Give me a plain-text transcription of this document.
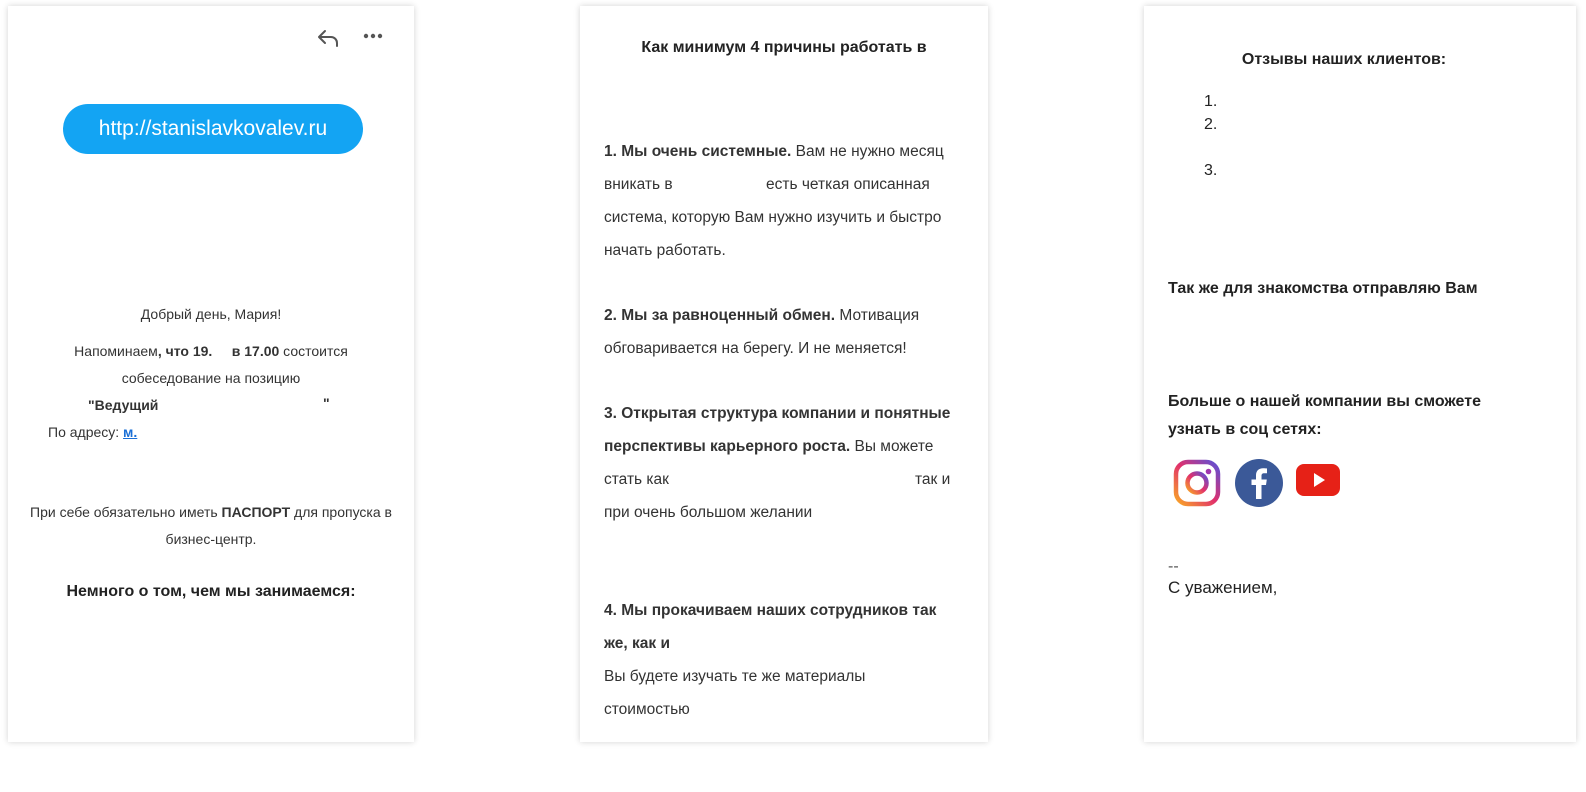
http://stanislavkovalev.ru
Добрый день, Мария!
Напоминаем, что 19. в 17.00 состоится
собеседование на позицию
"Ведущий	"
По адресу: м.
При себе обязательно иметь ПАСПОРТ для пропуска в
бизнес-центр.
Немного о том, чем мы занимаемся:
Как минимум 4 причины работать в
1. Мы очень системные. Вам не нужно месяц
вникать в	есть четкая описанная
система, которую Вам нужно изучить и быстро
начать работать.
2. Мы за равноценный обмен. Мотивация
обговаривается на берегу. И не меняется!
3. Открытая структура компании и понятные
перспективы карьерного роста. Вы можете
стать как	так и
при очень большом желании
4. Мы прокачиваем наших сотрудников так
же, как и
Вы будете изучать те же материалы
стоимостью
Отзывы наших клиентов:
1.
2.
3.
Так же для знакомства отправляю Вам
Больше о нашей компании вы сможете
узнать в соц сетях:
--
С уважением,
